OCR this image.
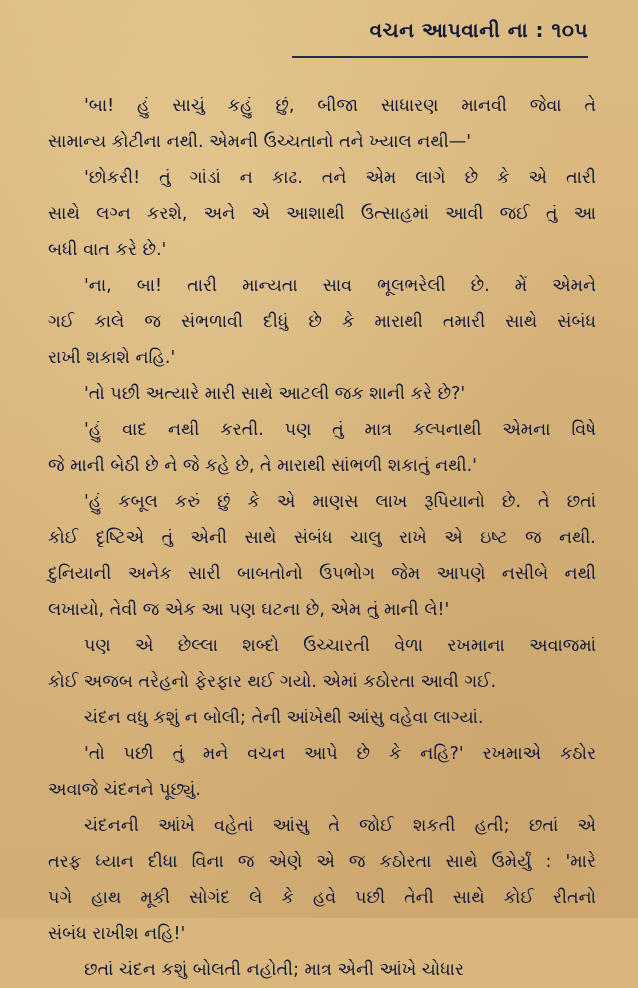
વચન આપવાની ના : ૧૦૫

'બા! હું સાચું કહું છું, બીજા સાધારણ માનવી જેવા તે
સામાન્ય કોટીના નથી. એમની ઉચ્ચતાનો તને ખ્યાલ નથી—'

'છોકરી! તું ગાંડાં ન કાઢ. તને એમ લાગે છે કે એ તારી
સાથે લગ્ન કરશે, અને એ આશાથી ઉત્સાહમાં આવી જઈ તું આ
બધી વાત કરે છે.'

'ના, બા! તારી માન્યતા સાવ ભૂલભરેલી છે. મેં એમને
ગઈ કાલે જ સંભળાવી દીધું છે કે મારાથી તમારી સાથે સંબંધ
રાખી શકાશે નહિ.'

'તો પછી અત્યારે મારી સાથે આટલી જક શાની કરે છે?'

'હું વાદ નથી કરતી. પણ તું માત્ર કલ્પનાથી એમના વિષે
જે માની બેઠી છે ને જે કહે છે, તે મારાથી સાંભળી શકાતું નથી.'

'હું કબૂલ કરું છું કે એ માણસ લાખ રૂપિયાનો છે. તે છતાં
કોઈ દૃષ્ટિએ તું એની સાથે સંબંધ ચાલુ રાખે એ ઇષ્ટ જ નથી.
દુનિયાની અનેક સારી બાબતોનો ઉપભોગ જેમ આપણે નસીબે નથી
લખાયો, તેવી જ એક આ પણ ઘટના છે, એમ તું માની લે!'

પણ એ છેલ્લા શબ્દો ઉચ્ચારતી વેળા રખમાના અવાજમાં
કોઈ અજબ તરેહનો ફેરફાર થઈ ગયો. એમાં કઠોરતા આવી ગઈ.

ચંદન વધુ કશું ન બોલી; તેની આંખેથી આંસુ વહેવા લાગ્યાં.

'તો પછી તું મને વચન આપે છે કે નહિ?' રખમાએ કઠોર
અવાજે ચંદનને પૂછ્યું.

ચંદનની આંખે વહેતાં આંસુ તે જોઈ શકતી હતી; છતાં એ
તરફ ધ્યાન દીધા વિના જ એણે એ જ કઠોરતા સાથે ઉમેર્યું : 'મારે
પગે હાથ મૂકી સોગંદ લે કે હવે પછી તેની સાથે કોઈ રીતનો
સંબંધ રાખીશ નહિ!'

છતાં ચંદન કશું બોલતી નહોતી; માત્ર એની આંખે ચોધાર
